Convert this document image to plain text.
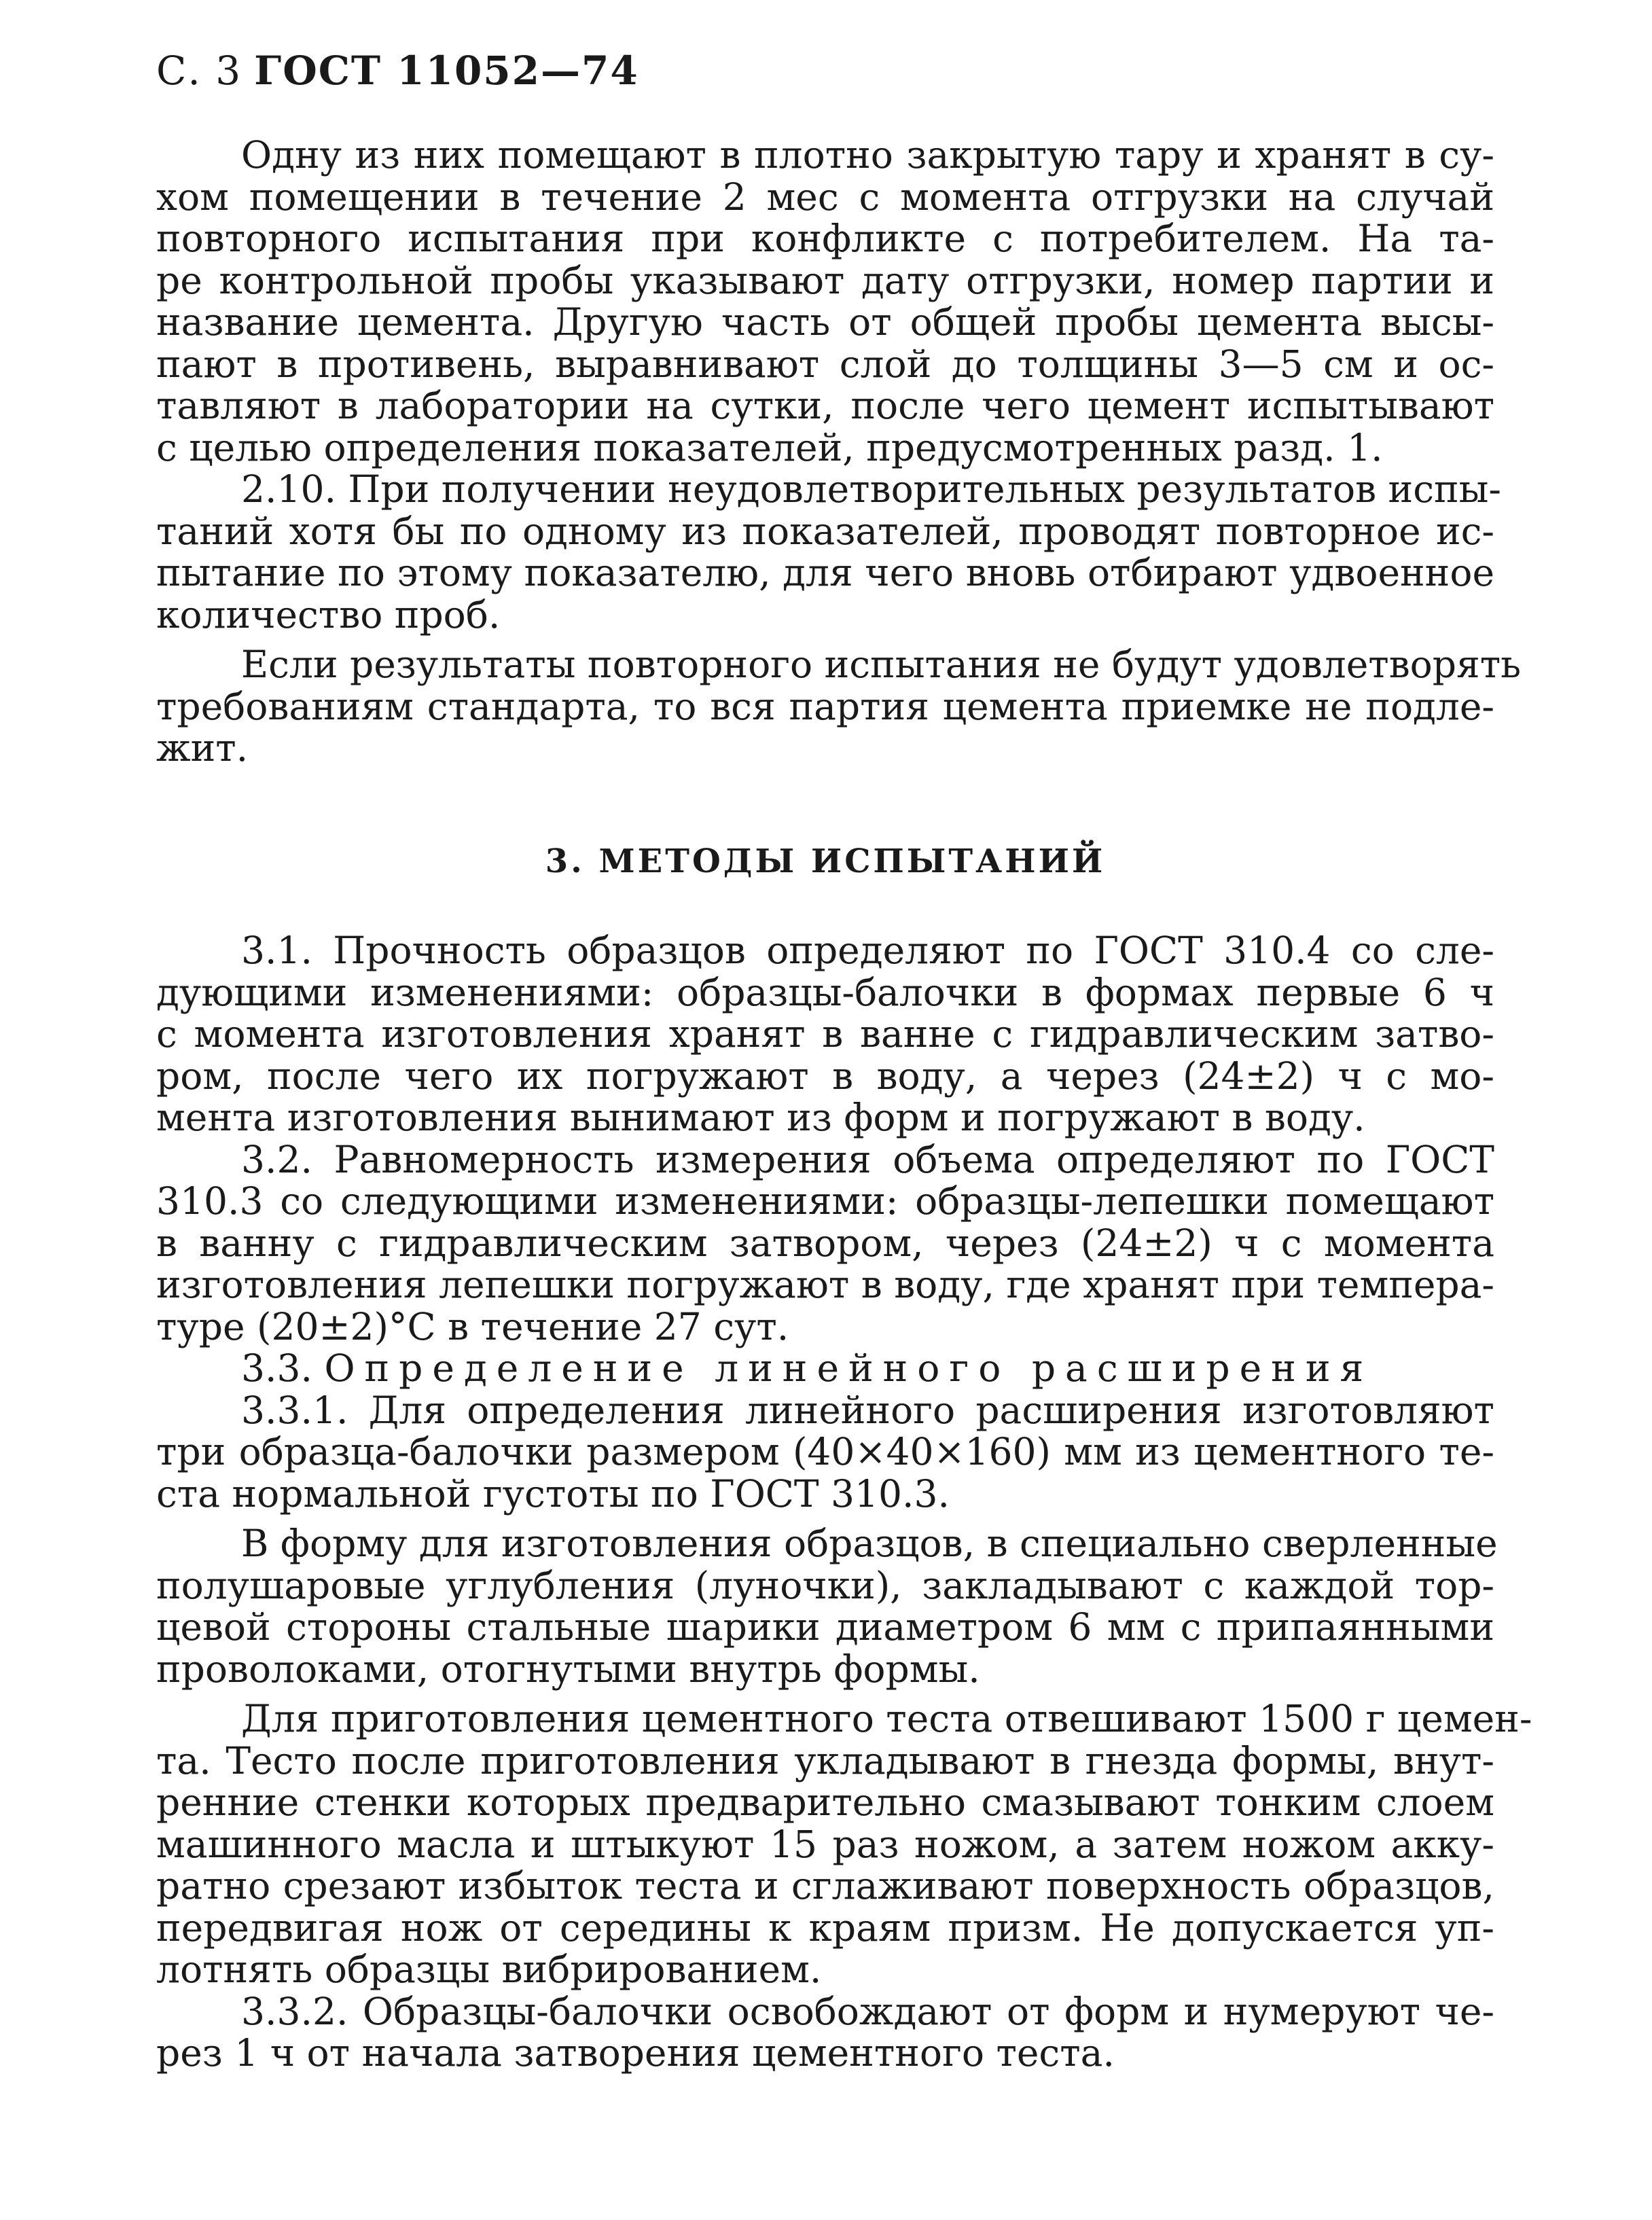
С. 3 ГОСТ 11052—74
Одну из них помещают в плотно закрытую тару и хранят в су-
хом помещении в течение 2 мес с момента отгрузки на случай
повторного испытания при конфликте с потребителем. На та-
ре контрольной пробы указывают дату отгрузки, номер партии и
название цемента. Другую часть от общей пробы цемента высы-
пают в противень, выравнивают слой до толщины 3—5 см и ос-
тавляют в лаборатории на сутки, после чего цемент испытывают
с целью определения показателей, предусмотренных разд. 1.
2.10. При получении неудовлетворительных результатов испы-
таний хотя бы по одному из показателей, проводят повторное ис-
пытание по этому показателю, для чего вновь отбирают удвоенное
количество проб.
Если результаты повторного испытания не будут удовлетворять
требованиям стандарта, то вся партия цемента приемке не подле-
жит.
3. МЕТОДЫ ИСПЫТАНИЙ
3.1. Прочность образцов определяют по ГОСТ 310.4 со сле-
дующими изменениями: образцы-балочки в формах первые 6 ч
с момента изготовления хранят в ванне с гидравлическим затво-
ром, после чего их погружают в воду, а через (24±2) ч с мо-
мента изготовления вынимают из форм и погружают в воду.
3.2. Равномерность измерения объема определяют по ГОСТ
310.3 со следующими изменениями: образцы-лепешки помещают
в ванну с гидравлическим затвором, через (24±2) ч с момента
изготовления лепешки погружают в воду, где хранят при темпера-
туре (20±2)°С в течение 27 сут.
3.3. Определение линейного расширения
3.3.1. Для определения линейного расширения изготовляют
три образца-балочки размером (40×40×160) мм из цементного те-
ста нормальной густоты по ГОСТ 310.3.
В форму для изготовления образцов, в специально сверленные
полушаровые углубления (луночки), закладывают с каждой тор-
цевой стороны стальные шарики диаметром 6 мм с припаянными
проволоками, отогнутыми внутрь формы.
Для приготовления цементного теста отвешивают 1500 г цемен-
та. Тесто после приготовления укладывают в гнезда формы, внут-
ренние стенки которых предварительно смазывают тонким слоем
машинного масла и штыкуют 15 раз ножом, а затем ножом акку-
ратно срезают избыток теста и сглаживают поверхность образцов,
передвигая нож от середины к краям призм. Не допускается уп-
лотнять образцы вибрированием.
3.3.2. Образцы-балочки освобождают от форм и нумеруют че-
рез 1 ч от начала затворения цементного теста.
